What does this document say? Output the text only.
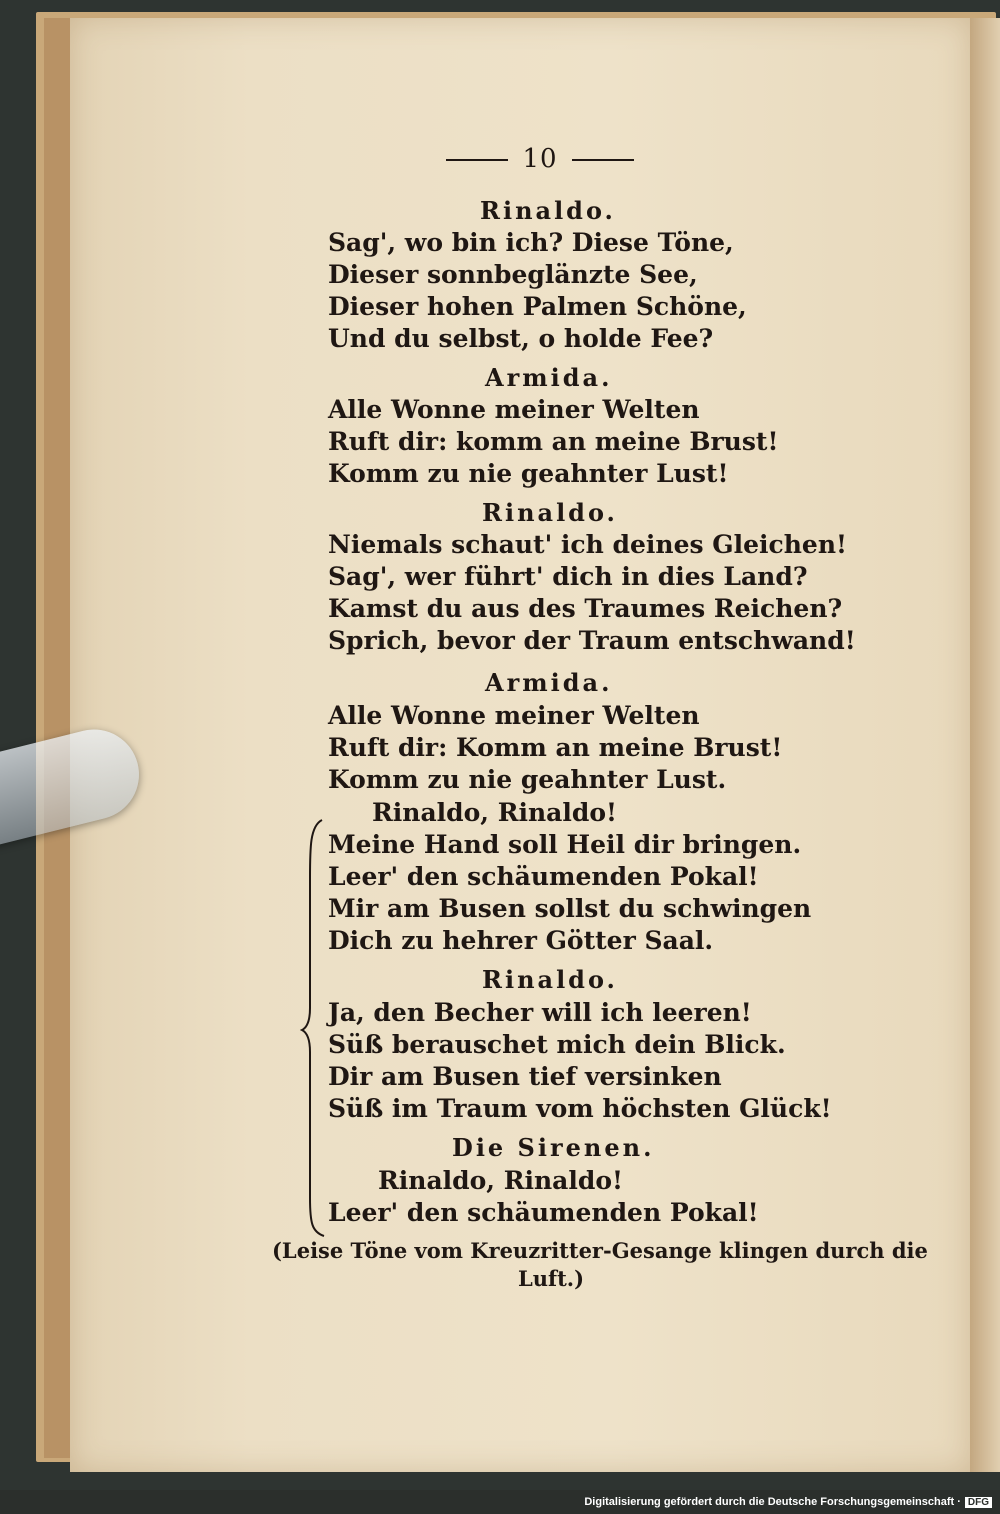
10
Rinaldo.
Sag', wo bin ich? Diese Töne,
Dieser sonnbeglänzte See,
Dieser hohen Palmen Schöne,
Und du selbst, o holde Fee?
Armida.
Alle Wonne meiner Welten
Ruft dir: komm an meine Brust!
Komm zu nie geahnter Lust!
Rinaldo.
Niemals schaut' ich deines Gleichen!
Sag', wer führt' dich in dies Land?
Kamst du aus des Traumes Reichen?
Sprich, bevor der Traum entschwand!
Armida.
Alle Wonne meiner Welten
Ruft dir: Komm an meine Brust!
Komm zu nie geahnter Lust.
Rinaldo, Rinaldo!
Meine Hand soll Heil dir bringen.
Leer' den schäumenden Pokal!
Mir am Busen sollst du schwingen
Dich zu hehrer Götter Saal.
Rinaldo.
Ja, den Becher will ich leeren!
Süß berauschet mich dein Blick.
Dir am Busen tief versinken
Süß im Traum vom höchsten Glück!
Die Sirenen.
Rinaldo, Rinaldo!
Leer' den schäumenden Pokal!
(Leise Töne vom Kreuzritter-Gesange klingen durch die
Luft.)
Digitalisierung gefördert durch die Deutsche Forschungsgemeinschaft · DFG
